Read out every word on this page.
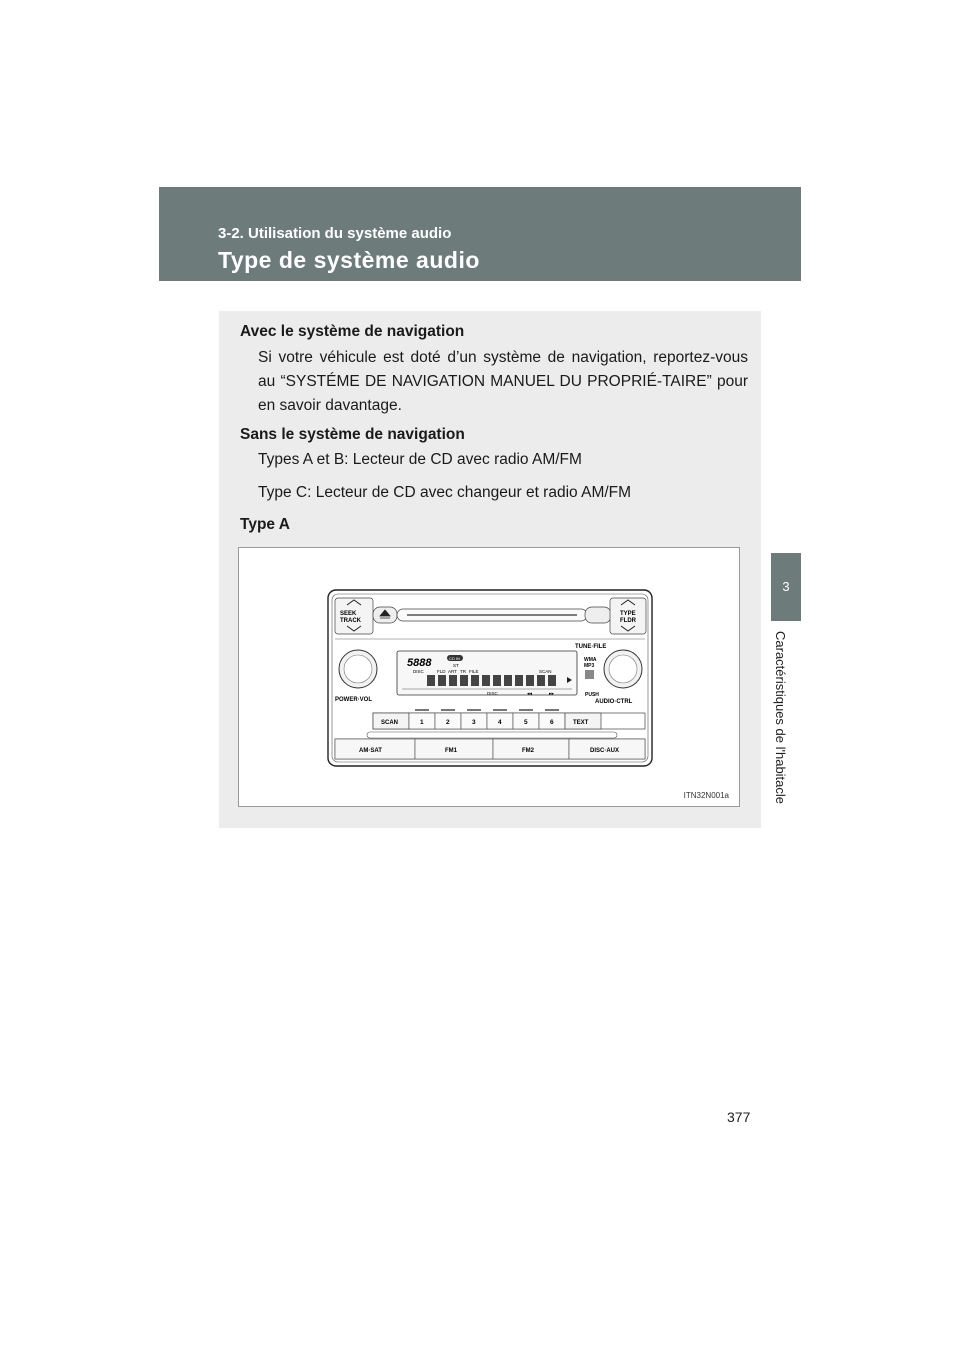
3-2. Utilisation du système audio
Type de système audio
3
Caractéristiques de l'habitacle
Avec le système de navigation
Si votre véhicule est doté d’un système de navigation, reportez-vous au “SYSTÉME DE NAVIGATION MANUEL DU PROPRIÉ-TAIRE” pour en savoir davantage.
Sans le système de navigation
Types A et B: Lecteur de CD avec radio AM/FM
Type C: Lecteur de CD avec changeur et radio AM/FM
Type A
SEEK
TRACK
TYPE
FLDR
TUNE·FILE
POWER·VOL
5888	CD IN
ST
DISC	FLD ART TR FILE	SCAN
DISC	◂◂	▸▸
WMA
MP3
PUSH
AUDIO·CTRL
SCAN	1	2	3	4	5	6	TEXT
AM·SAT	FM1	FM2	DISC·AUX
ITN32N001a
377
